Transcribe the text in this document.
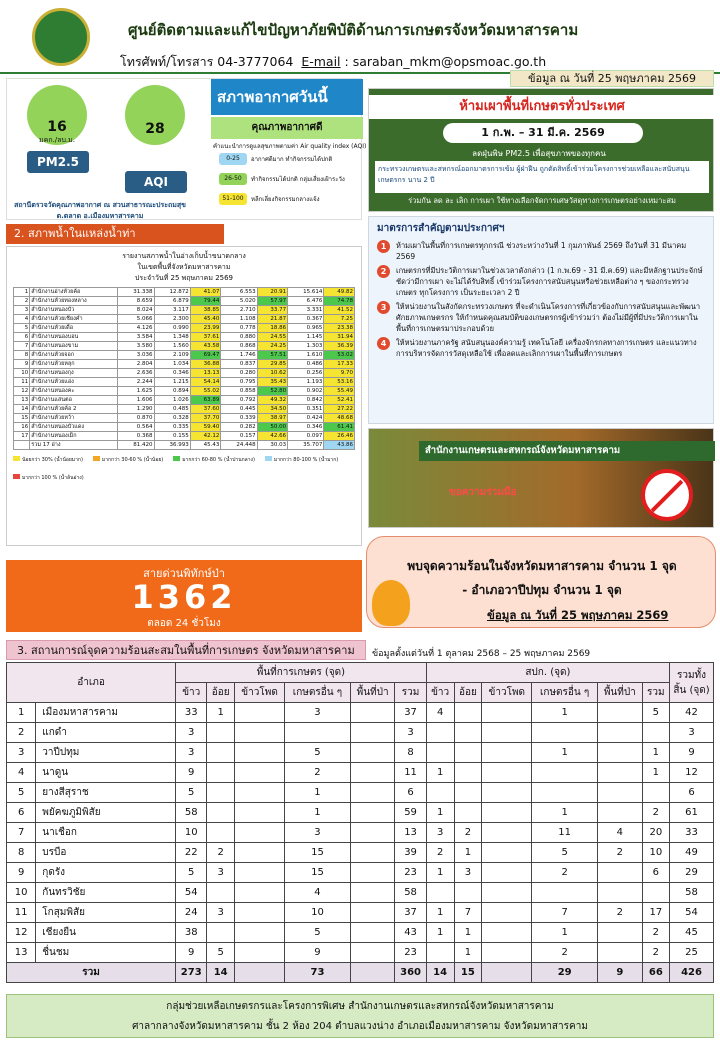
ศูนย์ติดตามและแก้ไขปัญหาภัยพิบัติด้านการเกษตรจังหวัดมหาสารคาม
โทรศัพท์/โทรสาร 04-3777064 E-mail : saraban_mkm@opsmoac.go.th
ข้อมูล ณ วันที่ 25 พฤษภาคม 2569
16
มคก./ลบ.ม.
PM2.5
28
AQI
สภาพอากาศวันนี้
คุณภาพอากาศดี
คำแนะนำการดูแลสุขภาพตามค่า Air quality index (AQI)
0-25	อากาศดีมาก ทำกิจกรรมได้ปกติ
26-50	ทำกิจกรรมได้ปกติ กลุ่มเสี่ยงเฝ้าระวัง
51-100	หลีกเลี่ยงกิจกรรมกลางแจ้ง
สถานีตรวจวัดคุณภาพอากาศ ณ สวนสาธารณะประถมสุข ต.ตลาด อ.เมืองมหาสารคาม
2. สภาพน้ำในแหล่งน้ำท่า
รายงานสภาพน้ำในอ่างเก็บน้ำขนาดกลาง
ในเขตพื้นที่จังหวัดมหาสารคาม
ประจำวันที่ 25 พฤษภาคม 2569
1	สำนักงานอ่างห้วยค้อ	31.338	12.872	41.07	6.553	20.91	15.614	49.82
2	สำนักงานห้วยทองหลาง	8.659	6.879	79.44	5.020	57.97	6.476	74.78
3	สำนักงานหนองบัว	8.024	3.117	38.85	2.710	33.77	3.331	41.52
4	สำนักงานห้วยเชียงคำ	5.066	2.300	45.40	1.108	21.87	0.367	7.25
5	สำนักงานห้วยเดื่อ	4.126	0.990	23.99	0.778	18.86	0.965	23.38
6	สำนักงานหนองบอน	3.584	1.348	37.61	0.880	24.55	1.145	31.94
7	สำนักงานหนองขาม	3.580	1.560	43.58	0.868	24.25	1.303	36.39
8	สำนักงานห้วยจอก	3.036	2.109	69.47	1.746	57.51	1.610	53.02
9	สำนักงานห้วยหลุก	2.804	1.034	36.88	0.837	29.85	0.486	17.33
10	สำนักงานหนองกุง	2.636	0.346	13.13	0.280	10.62	0.256	9.70
11	สำนักงานห้วยแอ่ง	2.244	1.215	54.14	0.795	35.43	1.193	53.16
12	สำนักงานหนองคะ	1.625	0.894	55.02	0.858	52.80	0.902	55.49
13	สำนักงานแสนตอ	1.606	1.026	63.89	0.792	49.32	0.842	52.41
14	สำนักงานห้วยค้อ 2	1.290	0.485	37.60	0.445	34.50	0.351	27.22
15	สำนักงานห้วยหว้า	0.870	0.328	37.70	0.339	38.97	0.424	48.68
16	สำนักงานหนองบัวแดง	0.564	0.335	59.40	0.282	50.00	0.346	61.41
17	สำนักงานหนองเม็ก	0.368	0.155	42.12	0.157	42.66	0.097	26.46
	รวม 17 อ่าง	81.420	36.993	45.43	24.448	30.03	35.707	43.86
น้อยกว่า 30% (น้ำน้อยมาก)	มากกว่า 30-60 % (น้ำน้อย)	มากกว่า 60-80 % (น้ำปานกลาง)	มากกว่า 80-100 % (น้ำมาก)
มากกว่า 100 % (น้ำล้นอ่าง)
สายด่วนพิทักษ์ป่า
1362
ตลอด 24 ชั่วโมง
ห้ามเผาพื้นที่เกษตรทั่วประเทศ
1 ก.พ. – 31 มี.ค. 2569
ลดฝุ่นพิษ PM2.5 เพื่อสุขภาพของทุกคน
กระทรวงเกษตรและสหกรณ์ออกมาตรการเข้ม ผู้ฝ่าฝืน ถูกตัดสิทธิ์เข้าร่วมโครงการช่วยเหลือและสนับสนุนเกษตรกร นาน 2 ปี
ร่วมกัน ลด ละ เลิก การเผา ใช้ทางเลือกจัดการเศษวัสดุทางการเกษตรอย่างเหมาะสม
มาตรการสำคัญตามประกาศฯ
1	ห้ามเผาในพื้นที่การเกษตรทุกกรณี ช่วงระหว่างวันที่ 1 กุมภาพันธ์ 2569 ถึงวันที่ 31 มีนาคม 2569
2	เกษตรกรที่มีประวัติการเผาในช่วงเวลาดังกล่าว (1 ก.พ.69 - 31 มี.ค.69) และมีหลักฐานประจักษ์ชัดว่ามีการเผา จะไม่ได้รับสิทธิ์ เข้าร่วมโครงการสนับสนุนหรือช่วยเหลือต่าง ๆ ของกระทรวงเกษตร ทุกโครงการ เป็นระยะเวลา 2 ปี
3	ให้หน่วยงานในสังกัดกระทรวงเกษตร ที่จะดำเนินโครงการที่เกี่ยวข้องกับการสนับสนุนและพัฒนาศักยภาพเกษตรกร ให้กำหนดคุณสมบัติของเกษตรกรผู้เข้าร่วมว่า ต้องไม่มีผู้ที่มีประวัติการเผาในพื้นที่การเกษตรมาประกอบด้วย
4	ให้หน่วยงานภาครัฐ สนับสนุนองค์ความรู้ เทคโนโลยี เครื่องจักรกลทางการเกษตร และแนวทางการบริหารจัดการวัสดุเหลือใช้ เพื่อลดและเลิกการเผาในพื้นที่การเกษตร
สำนักงานเกษตรและสหกรณ์จังหวัดมหาสารคาม
ขอความร่วมมือ
พบจุดความร้อนในจังหวัดมหาสารคาม จำนวน 1 จุด
- อำเภอวาปีปทุม จำนวน 1 จุด
ข้อมูล ณ วันที่ 25 พฤษภาคม 2569
3. สถานการณ์จุดความร้อนสะสมในพื้นที่การเกษตร จังหวัดมหาสารคาม	ข้อมูลตั้งแต่วันที่ 1 ตุลาคม 2568 – 25 พฤษภาคม 2569
อำเภอ		พื้นที่การเกษตร (จุด)						สปก. (จุด)						รวมทั้งสิ้น (จุด)
		ข้าว	อ้อย	ข้าวโพด	เกษตรอื่น ๆ	พื้นที่ป่า	รวม	ข้าว	อ้อย	ข้าวโพด	เกษตรอื่น ๆ	พื้นที่ป่า	รวม	
1	เมืองมหาสารคาม	33	1		3		37	4			1		5	42
2	แกดำ	3					3							3
3	วาปีปทุม	3			5		8				1		1	9
4	นาดูน	9			2		11	1					1	12
5	ยางสีสุราช	5			1		6							6
6	พยัคฆภูมิพิสัย	58			1		59	1			1		2	61
7	นาเชือก	10			3		13	3	2		11	4	20	33
8	บรบือ	22	2		15		39	2	1		5	2	10	49
9	กุดรัง	5	3		15		23	1	3		2		6	29
10	กันทรวิชัย	54			4		58							58
11	โกสุมพิสัย	24	3		10		37	1	7		7	2	17	54
12	เชียงยืน	38			5		43	1	1		1		2	45
13	ชื่นชม	9	5		9		23		1		2		2	25
รวม		273	14		73		360	14	15		29	9	66	426
กลุ่มช่วยเหลือเกษตรกรและโครงการพิเศษ สำนักงานเกษตรและสหกรณ์จังหวัดมหาสารคาม
ศาลากลางจังหวัดมหาสารคาม ชั้น 2 ห้อง 204 ตำบลแวงน่าง อำเภอเมืองมหาสารคาม จังหวัดมหาสารคาม
